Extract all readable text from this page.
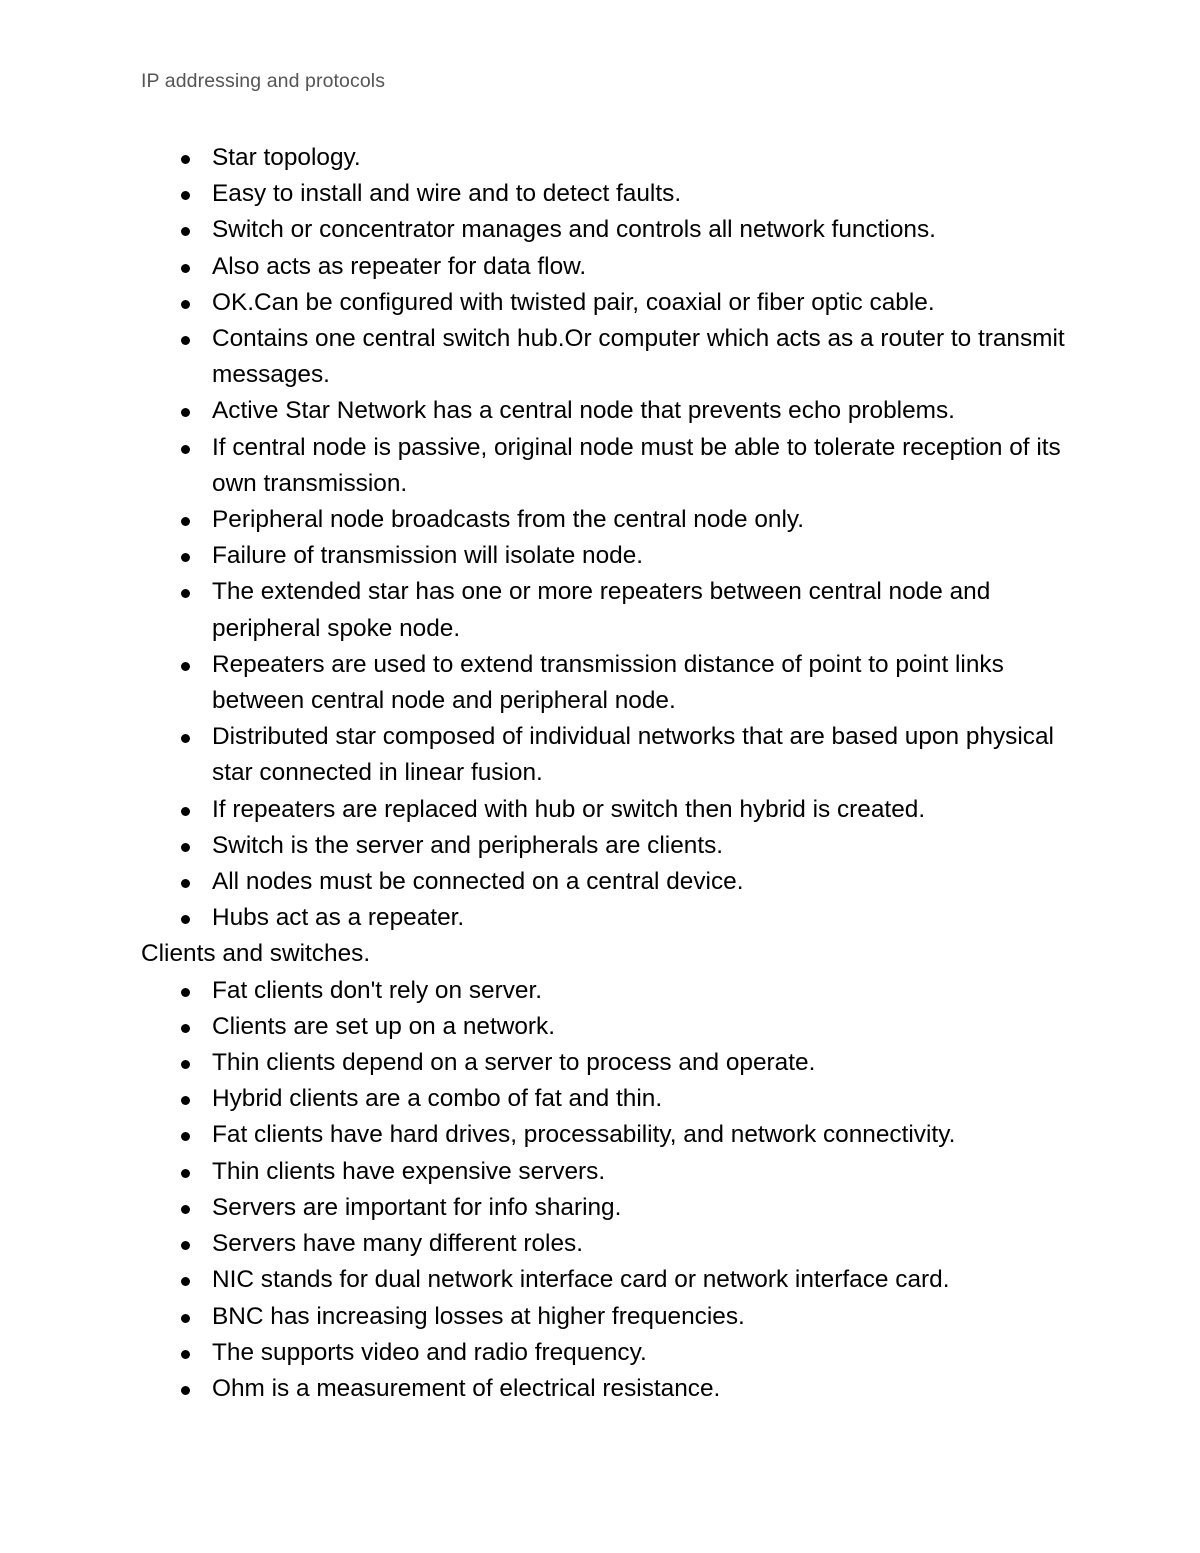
IP addressing and protocols
Star topology.
Easy to install and wire and to detect faults.
Switch or concentrator manages and controls all network functions.
Also acts as repeater for data flow.
OK.Can be configured with twisted pair, coaxial or fiber optic cable.
Contains one central switch hub.Or computer which acts as a router to transmit messages.
Active Star Network has a central node that prevents echo problems.
If central node is passive, original node must be able to tolerate reception of its own transmission.
Peripheral node broadcasts from the central node only.
Failure of transmission will isolate node.
The extended star has one or more repeaters between central node and peripheral spoke node.
Repeaters are used to extend transmission distance of point to point links between central node and peripheral node.
Distributed star composed of individual networks that are based upon physical star connected in linear fusion.
If repeaters are replaced with hub or switch then hybrid is created.
Switch is the server and peripherals are clients.
All nodes must be connected on a central device.
Hubs act as a repeater.

Clients and switches.

Fat clients don't rely on server.
Clients are set up on a network.
Thin clients depend on a server to process and operate.
Hybrid clients are a combo of fat and thin.
Fat clients have hard drives, processability, and network connectivity.
Thin clients have expensive servers.
Servers are important for info sharing.
Servers have many different roles.
NIC stands for dual network interface card or network interface card.
BNC has increasing losses at higher frequencies.
The supports video and radio frequency.
Ohm is a measurement of electrical resistance.
